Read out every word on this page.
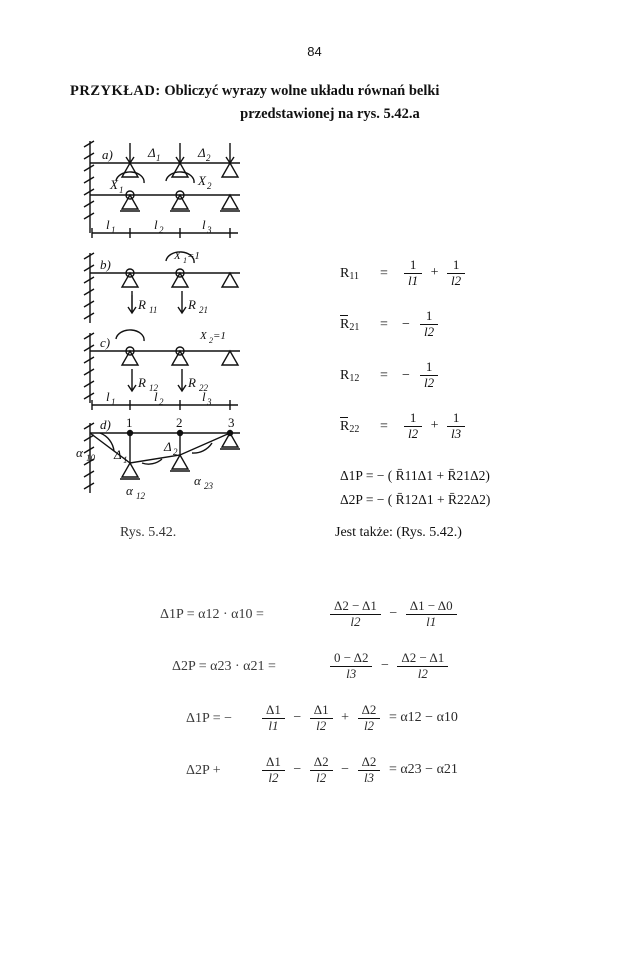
84
PRZYKŁAD: Obliczyć wyrazy wolne układu równań belki
przedstawionej na rys. 5.42.a
a)
b)
c)
d)
Δ 1	Δ 2
X 1
X 2
l 1	l 2	l 3
X 1 =1
X 2 =1
R 11 R 21
R 12 R 22
l 1	l 2	l 3
1	2	3
Δ 1
Δ 2
α 10
α 12
α 23
Rys. 5.42.	Jest także: (Rys. 5.42.)
$R_{11} = \frac{1}{l1} + \frac{1}{l2}$
$R_{21}$ = − $\frac{1}{l2}$
$R_{12}$ = − $\frac{1}{l2}$
$R_{22} = \frac{1}{l2} + \frac{1}{l3}$
Δ1P = − ( R̄11Δ1 + R̄21Δ2)
Δ2P = − ( R̄12Δ1 + R̄22Δ2)
Δ1P = α12 · α10 =	$\frac{\Delta 2 - \Delta 1}{l2} - \frac{\Delta 1 - \Delta 0}{l1}$
Δ2P = α23 · α21 =	$\frac{0 - \Delta 2}{l3} - \frac{\Delta 2 - \Delta 1}{l2}$
Δ1P = − $\frac{\Delta 1}{l1} - \frac{\Delta 1}{l2} + \frac{\Delta 2}{l2} = \alpha 12 - \alpha 10$
Δ2P +	$\frac{\Delta 1}{l2} - \frac{\Delta 2}{l2} - \frac{\Delta 2}{l3} = \alpha 23 - \alpha 21$
